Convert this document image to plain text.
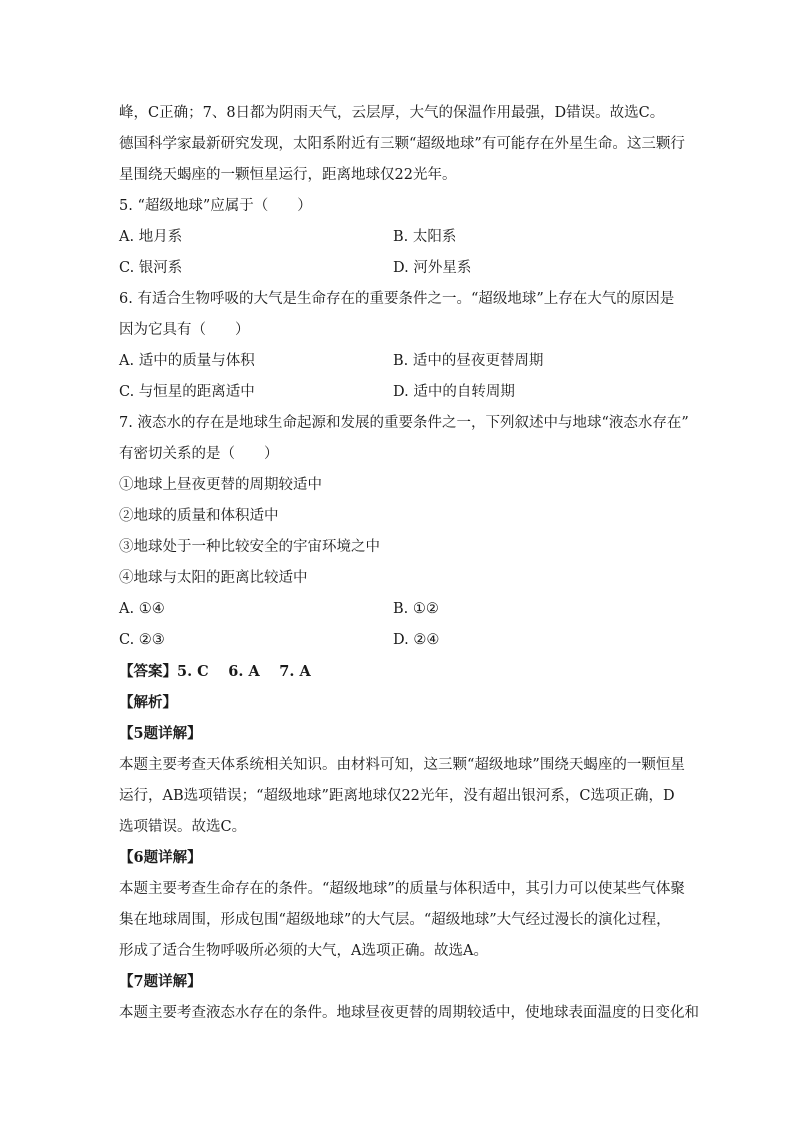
峰，C正确；7、8日都为阴雨天气，云层厚，大气的保温作用最强，D错误。故选C。
德国科学家最新研究发现，太阳系附近有三颗“超级地球”有可能存在外星生命。这三颗行
星围绕天蝎座的一颗恒星运行，距离地球仅22光年。
5. “超级地球”应属于（　　）
A. 地月系	B. 太阳系
C. 银河系	D. 河外星系
6. 有适合生物呼吸的大气是生命存在的重要条件之一。“超级地球”上存在大气的原因是
因为它具有（　　）
A. 适中的质量与体积	B. 适中的昼夜更替周期
C. 与恒星的距离适中	D. 适中的自转周期
7. 液态水的存在是地球生命起源和发展的重要条件之一，下列叙述中与地球“液态水存在”
有密切关系的是（　　）
①地球上昼夜更替的周期较适中
②地球的质量和体积适中
③地球处于一种比较安全的宇宙环境之中
④地球与太阳的距离比较适中
A. ①④	B. ①②
C. ②③	D. ②④
【答案】5. C　 6. A　 7. A
【解析】
【5题详解】
本题主要考查天体系统相关知识。由材料可知，这三颗“超级地球”围绕天蝎座的一颗恒星
运行，AB选项错误；“超级地球”距离地球仅22光年，没有超出银河系，C选项正确，D
选项错误。故选C。
【6题详解】
本题主要考查生命存在的条件。“超级地球”的质量与体积适中，其引力可以使某些气体聚
集在地球周围，形成包围“超级地球”的大气层。“超级地球”大气经过漫长的演化过程，
形成了适合生物呼吸所必须的大气，A选项正确。故选A。
【7题详解】
本题主要考查液态水存在的条件。地球昼夜更替的周期较适中，使地球表面温度的日变化和
